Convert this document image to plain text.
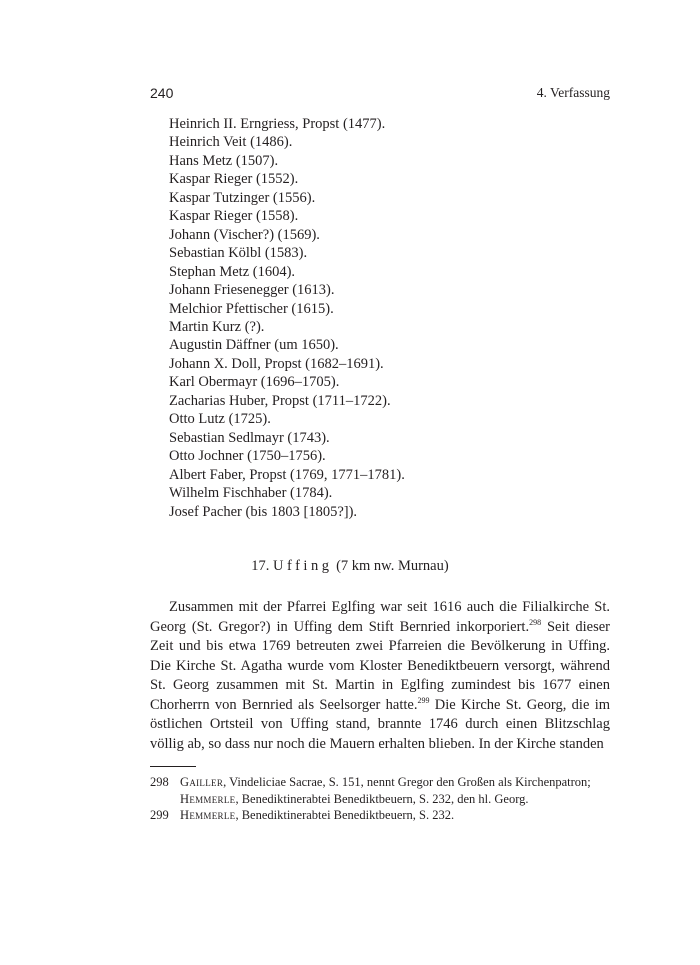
240	4. Verfassung
Heinrich II. Erngriess, Propst (1477).
Heinrich Veit (1486).
Hans Metz (1507).
Kaspar Rieger (1552).
Kaspar Tutzinger (1556).
Kaspar Rieger (1558).
Johann (Vischer?) (1569).
Sebastian Kölbl (1583).
Stephan Metz (1604).
Johann Friesenegger (1613).
Melchior Pfettischer (1615).
Martin Kurz (?).
Augustin Däffner (um 1650).
Johann X. Doll, Propst (1682–1691).
Karl Obermayr (1696–1705).
Zacharias Huber, Propst (1711–1722).
Otto Lutz (1725).
Sebastian Sedlmayr (1743).
Otto Jochner (1750–1756).
Albert Faber, Propst (1769, 1771–1781).
Wilhelm Fischhaber (1784).
Josef Pacher (bis 1803 [1805?]).
17. Uffing (7 km nw. Murnau)

Zusammen mit der Pfarrei Eglfing war seit 1616 auch die Filialkirche St. Georg (St. Gregor?) in Uffing dem Stift Bernried inkorporiert.$^{298}$ Seit dieser Zeit und bis etwa 1769 betreuten zwei Pfarreien die Bevölkerung in Uffing. Die Kirche St. Agatha wurde vom Kloster Benediktbeuern versorgt, während St. Georg zusammen mit St. Martin in Eglfing zumindest bis 1677 einen Chorherrn von Bernried als Seelsorger hatte.$^{299}$ Die Kirche St. Georg, die im östlichen Ortsteil von Uffing stand, brannte 1746 durch einen Blitzschlag völlig ab, so dass nur noch die Mauern erhalten blieben. In der Kirche standen

298 Gailler, Vindeliciae Sacrae, S. 151, nennt Gregor den Großen als Kirchenpatron; Hemmerle, Benediktinerabtei Benediktbeuern, S. 232, den hl. Georg.
299 Hemmerle, Benediktinerabtei Benediktbeuern, S. 232.
